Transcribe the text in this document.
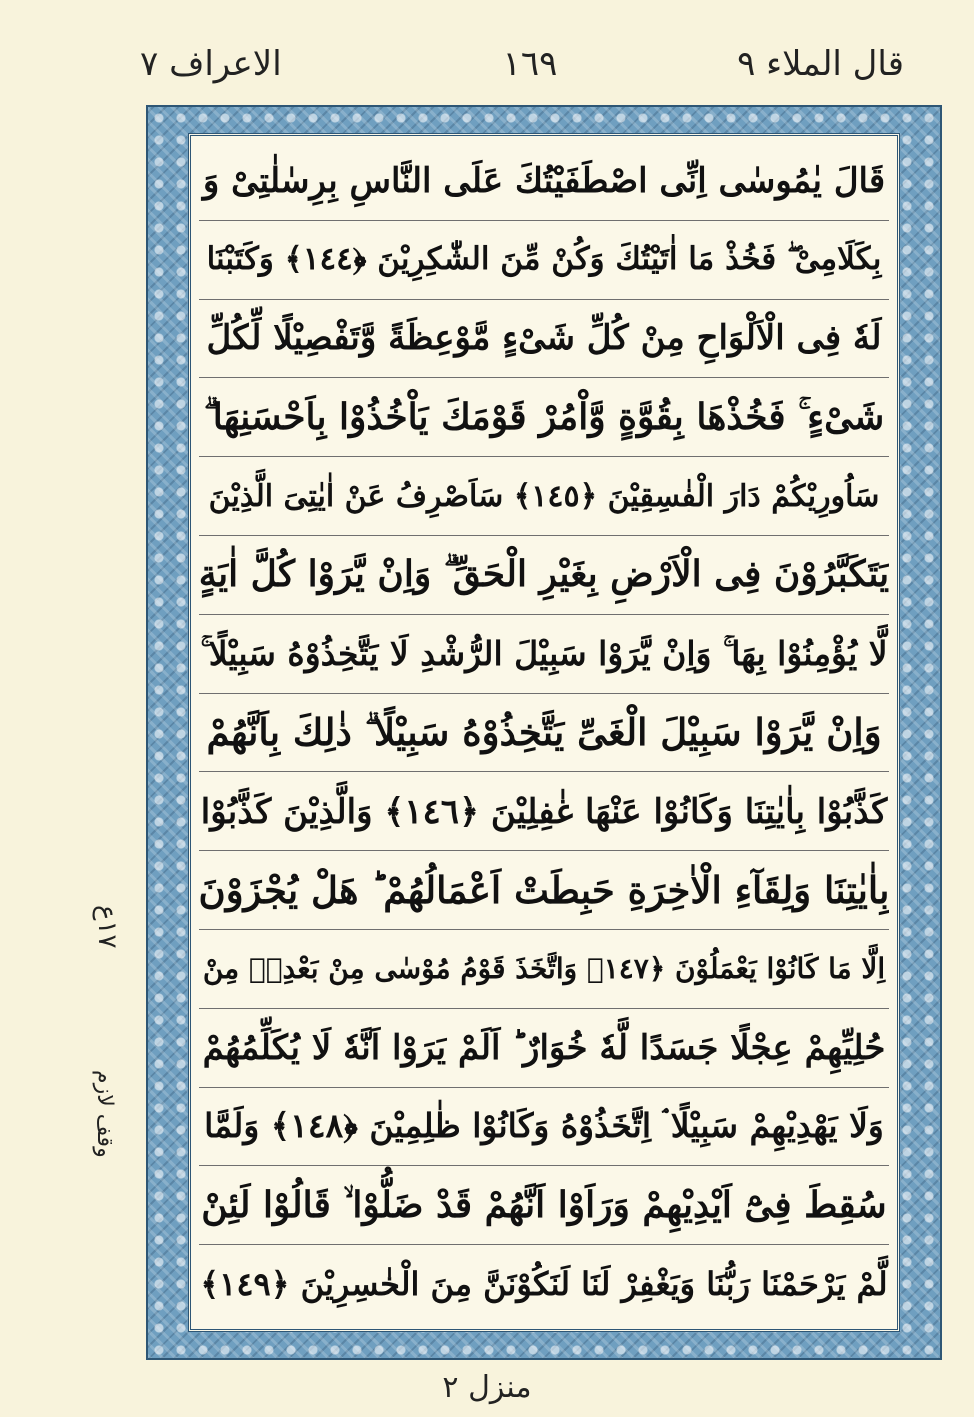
الاعراف ٧	١٦٩	قال الملاء ٩
١٧ع
وقف لازم
قَالَ يٰمُوسٰى اِنِّى اصْطَفَيْتُكَ عَلَى النَّاسِ بِرِسٰلٰتِىْ وَ
بِكَلَامِىْ ۖ فَخُذْ مَا اٰتَيْتُكَ وَكُنْ مِّنَ الشّٰكِرِيْنَ ﴿١٤٤﴾ وَكَتَبْنَا
لَهٗ فِى الْاَلْوَاحِ مِنْ كُلِّ شَىْءٍ مَّوْعِظَةً وَّتَفْصِيْلًا لِّكُلِّ
شَىْءٍ ۚ فَخُذْهَا بِقُوَّةٍ وَّاْمُرْ قَوْمَكَ يَاْخُذُوْا بِاَحْسَنِهَا ۗ
سَاُورِيْكُمْ دَارَ الْفٰسِقِيْنَ ﴿١٤٥﴾ سَاَصْرِفُ عَنْ اٰيٰتِىَ الَّذِيْنَ
يَتَكَبَّرُوْنَ فِى الْاَرْضِ بِغَيْرِ الْحَقِّ ۗ وَاِنْ يَّرَوْا كُلَّ اٰيَةٍ
لَّا يُؤْمِنُوْا بِهَا ۚ وَاِنْ يَّرَوْا سَبِيْلَ الرُّشْدِ لَا يَتَّخِذُوْهُ سَبِيْلًا ۚ
وَاِنْ يَّرَوْا سَبِيْلَ الْغَىِّ يَتَّخِذُوْهُ سَبِيْلًا ۗ ذٰلِكَ بِاَنَّهُمْ
كَذَّبُوْا بِاٰيٰتِنَا وَكَانُوْا عَنْهَا غٰفِلِيْنَ ﴿١٤٦﴾ وَالَّذِيْنَ كَذَّبُوْا
بِاٰيٰتِنَا وَلِقَآءِ الْاٰخِرَةِ حَبِطَتْ اَعْمَالُهُمْ ؕ هَلْ يُجْزَوْنَ
اِلَّا مَا كَانُوْا يَعْمَلُوْنَ ﴿١٤٧﴾ وَاتَّخَذَ قَوْمُ مُوْسٰى مِنْ بَعْدِهٖ مِنْ
حُلِيِّهِمْ عِجْلًا جَسَدًا لَّهٗ خُوَارٌ ؕ اَلَمْ يَرَوْا اَنَّهٗ لَا يُكَلِّمُهُمْ
وَلَا يَهْدِيْهِمْ سَبِيْلًا ۘ اِتَّخَذُوْهُ وَكَانُوْا ظٰلِمِيْنَ ﴿١٤٨﴾ وَلَمَّا
سُقِطَ فِىْٓ اَيْدِيْهِمْ وَرَاَوْا اَنَّهُمْ قَدْ ضَلُّوْا ۙ قَالُوْا لَئِنْ
لَّمْ يَرْحَمْنَا رَبُّنَا وَيَغْفِرْ لَنَا لَنَكُوْنَنَّ مِنَ الْخٰسِرِيْنَ ﴿١٤٩﴾
منزل ٢
